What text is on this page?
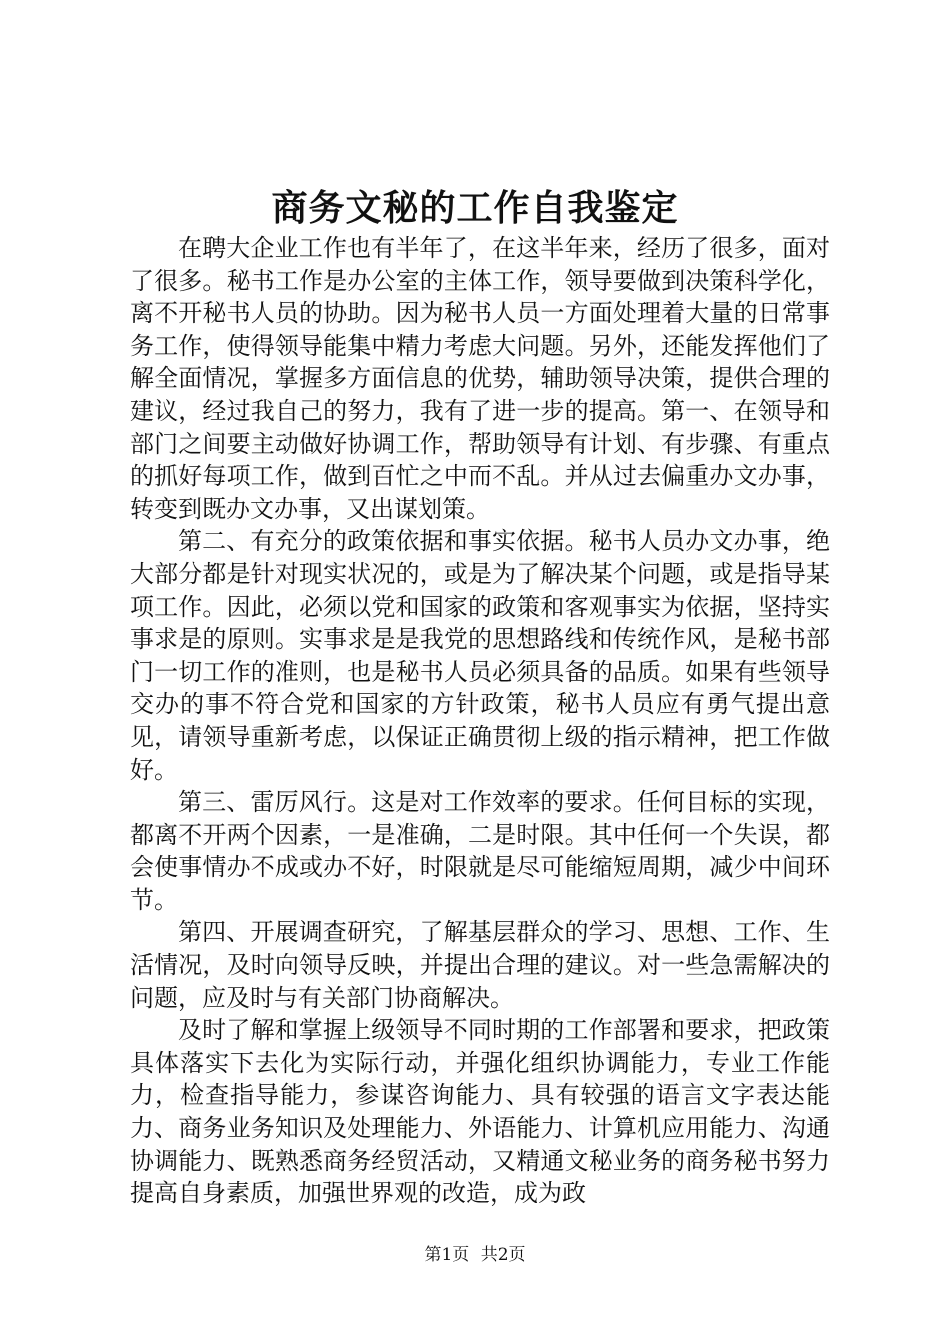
商务文秘的工作自我鉴定

在聘大企业工作也有半年了，在这半年来，经历了很多，面对了很多。秘书工作是办公室的主体工作，领导要做到决策科学化，离不开秘书人员的协助。因为秘书人员一方面处理着大量的日常事务工作，使得领导能集中精力考虑大问题。另外，还能发挥他们了解全面情况，掌握多方面信息的优势，辅助领导决策，提供合理的建议，经过我自己的努力，我有了进一步的提高。第一、在领导和部门之间要主动做好协调工作，帮助领导有计划、有步骤、有重点的抓好每项工作，做到百忙之中而不乱。并从过去偏重办文办事，转变到既办文办事，又出谋划策。

第二、有充分的政策依据和事实依据。秘书人员办文办事，绝大部分都是针对现实状况的，或是为了解决某个问题，或是指导某项工作。因此，必须以党和国家的政策和客观事实为依据，坚持实事求是的原则。实事求是是我党的思想路线和传统作风，是秘书部门一切工作的准则，也是秘书人员必须具备的品质。如果有些领导交办的事不符合党和国家的方针政策，秘书人员应有勇气提出意见，请领导重新考虑，以保证正确贯彻上级的指示精神，把工作做好。

第三、雷厉风行。这是对工作效率的要求。任何目标的实现，都离不开两个因素，一是准确，二是时限。其中任何一个失误，都会使事情办不成或办不好，时限就是尽可能缩短周期，减少中间环节。

第四、开展调查研究，了解基层群众的学习、思想、工作、生活情况，及时向领导反映，并提出合理的建议。对一些急需解决的问题，应及时与有关部门协商解决。

及时了解和掌握上级领导不同时期的工作部署和要求，把政策具体落实下去化为实际行动，并强化组织协调能力，专业工作能力，检查指导能力，参谋咨询能力、具有较强的语言文字表达能力、商务业务知识及处理能力、外语能力、计算机应用能力、沟通协调能力、既熟悉商务经贸活动，又精通文秘业务的商务秘书努力提高自身素质，加强世界观的改造，成为政

第1页 共2页
